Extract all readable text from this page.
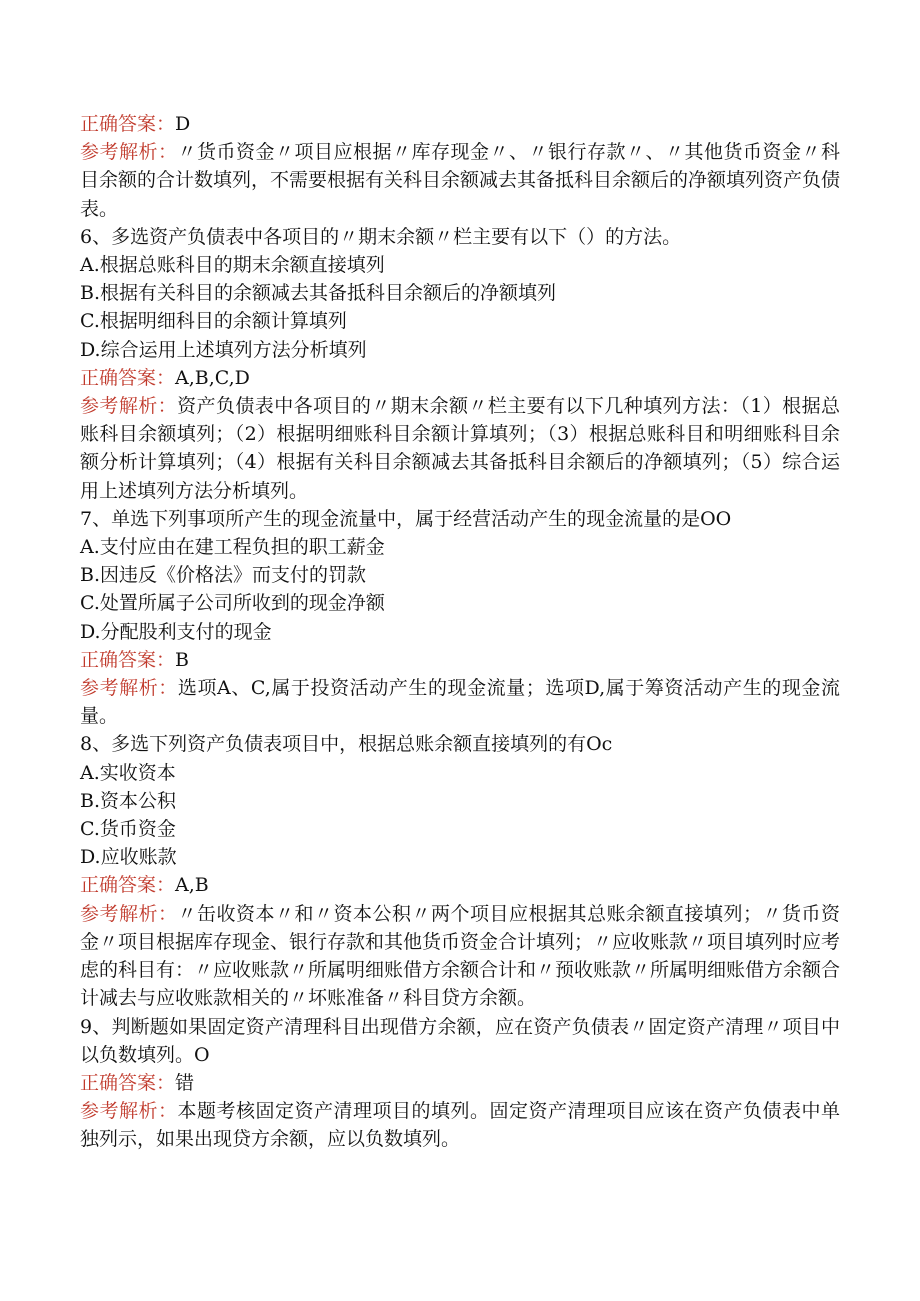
正确答案：D
参考解析：〃货币资金〃项目应根据〃库存现金〃、〃银行存款〃、〃其他货币资金〃科目余额的合计数填列，不需要根据有关科目余额减去其备抵科目余额后的净额填列资产负债表。
6、多选资产负债表中各项目的〃期末余额〃栏主要有以下（）的方法。
A.根据总账科目的期末余额直接填列
B.根据有关科目的余额减去其备抵科目余额后的净额填列
C.根据明细科目的余额计算填列
D.综合运用上述填列方法分析填列
正确答案：A,B,C,D
参考解析：资产负债表中各项目的〃期末余额〃栏主要有以下几种填列方法：（1）根据总账科目余额填列；（2）根据明细账科目余额计算填列；（3）根据总账科目和明细账科目余额分析计算填列；（4）根据有关科目余额减去其备抵科目余额后的净额填列；（5）综合运用上述填列方法分析填列。
7、单选下列事项所产生的现金流量中，属于经营活动产生的现金流量的是OO
A.支付应由在建工程负担的职工薪金
B.因违反《价格法》而支付的罚款
C.处置所属子公司所收到的现金净额
D.分配股利支付的现金
正确答案：B
参考解析：选项A、C,属于投资活动产生的现金流量；选项D,属于筹资活动产生的现金流量。
8、多选下列资产负债表项目中，根据总账余额直接填列的有Oc
A.实收资本
B.资本公积
C.货币资金
D.应收账款
正确答案：A,B
参考解析：〃缶收资本〃和〃资本公积〃两个项目应根据其总账余额直接填列；〃货币资金〃项目根据库存现金、银行存款和其他货币资金合计填列；〃应收账款〃项目填列时应考虑的科目有：〃应收账款〃所属明细账借方余额合计和〃预收账款〃所属明细账借方余额合计减去与应收账款相关的〃坏账准备〃科目贷方余额。
9、判断题如果固定资产清理科目出现借方余额，应在资产负债表〃固定资产清理〃项目中以负数填列。O
正确答案：错
参考解析：本题考核固定资产清理项目的填列。固定资产清理项目应该在资产负债表中单独列示，如果出现贷方余额，应以负数填列。
